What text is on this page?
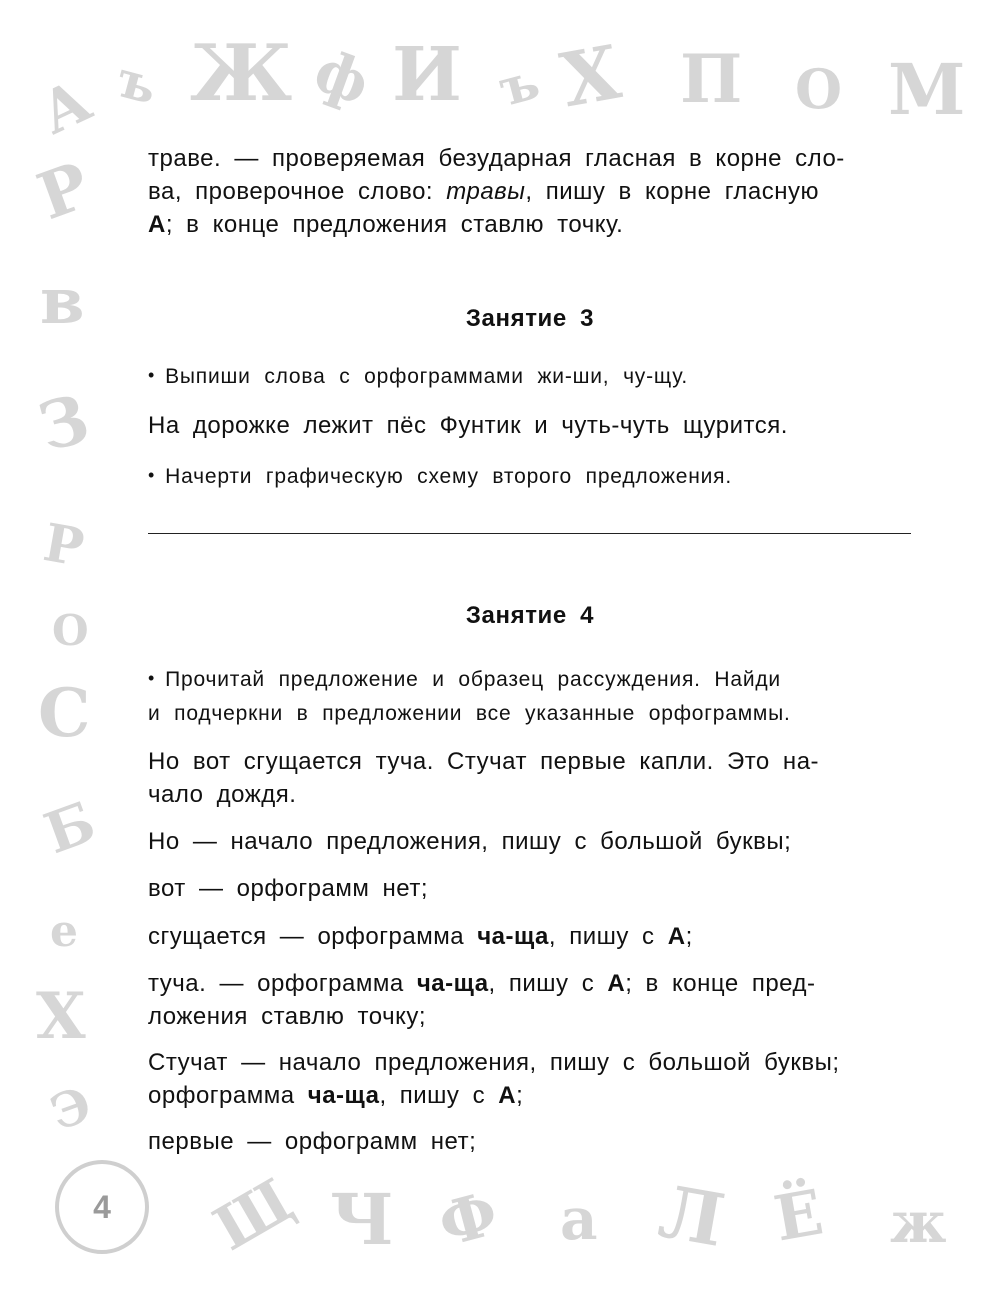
А ъ Ж ф И ъ Х П О М
Р
в
З
Р
О
С
Б
е
Х
Э
Щ Ч Ф а Л Ё ж

траве. — проверяемая безударная гласная в корне сло-

ва, проверочное слово: травы, пишу в корне гласную

А; в конце предложения ставлю точку.

Занятие 3

• Выпиши слова с орфограммами жи-ши, чу-щу.

На дорожке лежит пёс Фунтик и чуть-чуть щурится.

• Начерти графическую схему второго предложения.

Занятие 4

• Прочитай предложение и образец рассуждения. Найди

и подчеркни в предложении все указанные орфограммы.

Но вот сгущается туча. Стучат первые капли. Это на-

чало дождя.

Но — начало предложения, пишу с большой буквы;

вот — орфограмм нет;

сгущается — орфограмма ча-ща, пишу с А;

туча. — орфограмма ча-ща, пишу с А; в конце пред-

ложения ставлю точку;

Стучат — начало предложения, пишу с большой буквы;

орфограмма ча-ща, пишу с А;

первые — орфограмм нет;

4
